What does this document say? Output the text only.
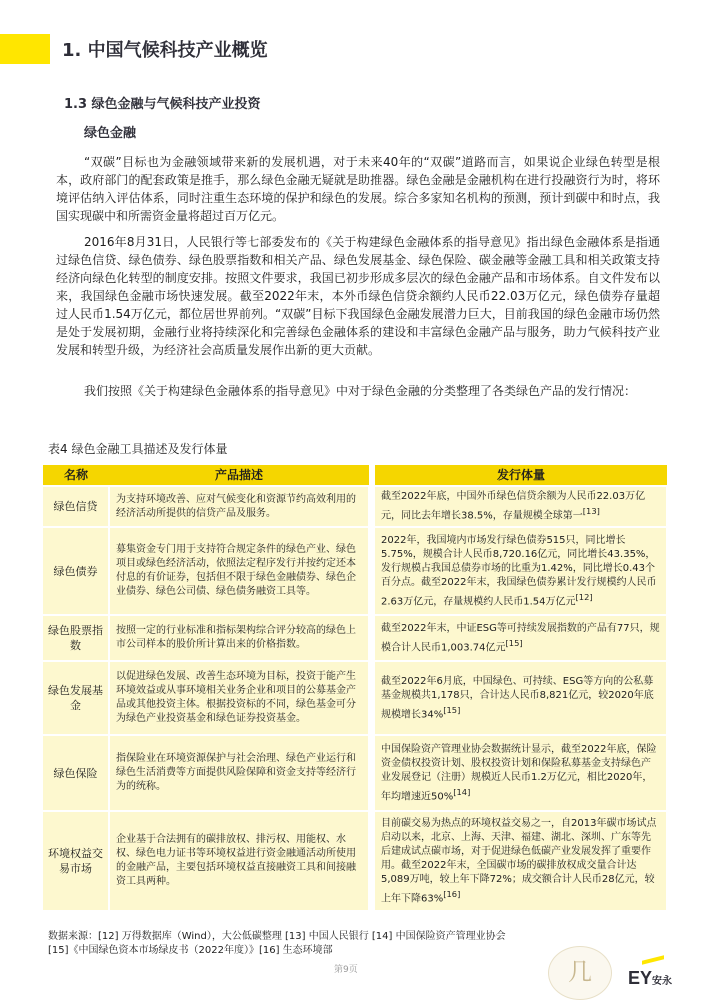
1. 中国气候科技产业概览
1.3 绿色金融与气候科技产业投资
绿色金融

“双碳”目标也为金融领域带来新的发展机遇，对于未来40年的“双碳”道路而言，如果说企业绿色转型是根本，政府部门的配套政策是推手，那么绿色金融无疑就是助推器。绿色金融是金融机构在进行投融资行为时，将环境评估纳入评估体系，同时注重生态环境的保护和绿色的发展。综合多家知名机构的预测，预计到碳中和时点，我国实现碳中和所需资金量将超过百万亿元。

2016年8月31日，人民银行等七部委发布的《关于构建绿色金融体系的指导意见》指出绿色金融体系是指通过绿色信贷、绿色债券、绿色股票指数和相关产品、绿色发展基金、绿色保险、碳金融等金融工具和相关政策支持经济向绿色化转型的制度安排。按照文件要求，我国已初步形成多层次的绿色金融产品和市场体系。自文件发布以来，我国绿色金融市场快速发展。截至2022年末，本外币绿色信贷余额约人民币22.03万亿元，绿色债券存量超过人民币1.54万亿元，都位居世界前列。“双碳”目标下我国绿色金融发展潜力巨大，目前我国的绿色金融市场仍然是处于发展初期，金融行业将持续深化和完善绿色金融体系的建设和丰富绿色金融产品与服务，助力气候科技产业发展和转型升级，为经济社会高质量发展作出新的更大贡献。

我们按照《关于构建绿色金融体系的指导意见》中对于绿色金融的分类整理了各类绿色产品的发行情况：

表4 绿色金融工具描述及发行体量
名称	产品描述		发行体量
绿色信贷	为支持环境改善、应对气候变化和资源节约高效利用的经济活动所提供的信贷产品及服务。		截至2022年底，中国外币绿色信贷余额为人民币22.03万亿元，同比去年增长38.5%，存量规模全球第一[13]
绿色债券	募集资金专门用于支持符合规定条件的绿色产业、绿色项目或绿色经济活动，依照法定程序发行并按约定还本付息的有价证券，包括但不限于绿色金融债券、绿色企业债券、绿色公司债、绿色债务融资工具等。		2022年，我国境内市场发行绿色债券515只，同比增长5.75%，规模合计人民币8,720.16亿元，同比增长43.35%，发行规模占我国总债券市场的比重为1.42%，同比增长0.43个百分点。截至2022年末，我国绿色债券累计发行规模约人民币2.63万亿元，存量规模约人民币1.54万亿元[12]
绿色股票指数	按照一定的行业标准和指标架构综合评分较高的绿色上市公司样本的股价所计算出来的价格指数。		截至2022年末，中证ESG等可持续发展指数的产品有77只，规模合计人民币1,003.74亿元[15]
绿色发展基金	以促进绿色发展、改善生态环境为目标，投资于能产生环境效益或从事环境相关业务企业和项目的公募基金产品或其他投资主体。根据投资标的不同，绿色基金可分为绿色产业投资基金和绿色证券投资基金。		截至2022年6月底，中国绿色、可持续、ESG等方向的公私募基金规模共1,178只，合计达人民币8,821亿元，较2020年底规模增长34%[15]
绿色保险	指保险业在环境资源保护与社会治理、绿色产业运行和绿色生活消费等方面提供风险保障和资金支持等经济行为的统称。		中国保险资产管理业协会数据统计显示，截至2022年底，保险资金债权投资计划、股权投资计划和保险私募基金支持绿色产业发展登记（注册）规模近人民币1.2万亿元，相比2020年，年均增速近50%[14]
环境权益交易市场	企业基于合法拥有的碳排放权、排污权、用能权、水权、绿色电力证书等环境权益进行资金融通活动所使用的金融产品，主要包括环境权益直接融资工具和间接融资工具两种。		目前碳交易为热点的环境权益交易之一，自2013年碳市场试点启动以来，北京、上海、天津、福建、湖北、深圳、广东等先后建成试点碳市场，对于促进绿色低碳产业发展发挥了重要作用。截至2022年末，全国碳市场的碳排放权成交量合计达5,089万吨，较上年下降72%；成交额合计人民币28亿元，较上年下降63%[16]
数据来源：[12] 万得数据库（Wind），大公低碳整理 [13] 中国人民银行 [14] 中国保险资产管理业协会
[15]《中国绿色资本市场绿皮书（2022年度）》[16] 生态环境部
第9页	几	EY安永
